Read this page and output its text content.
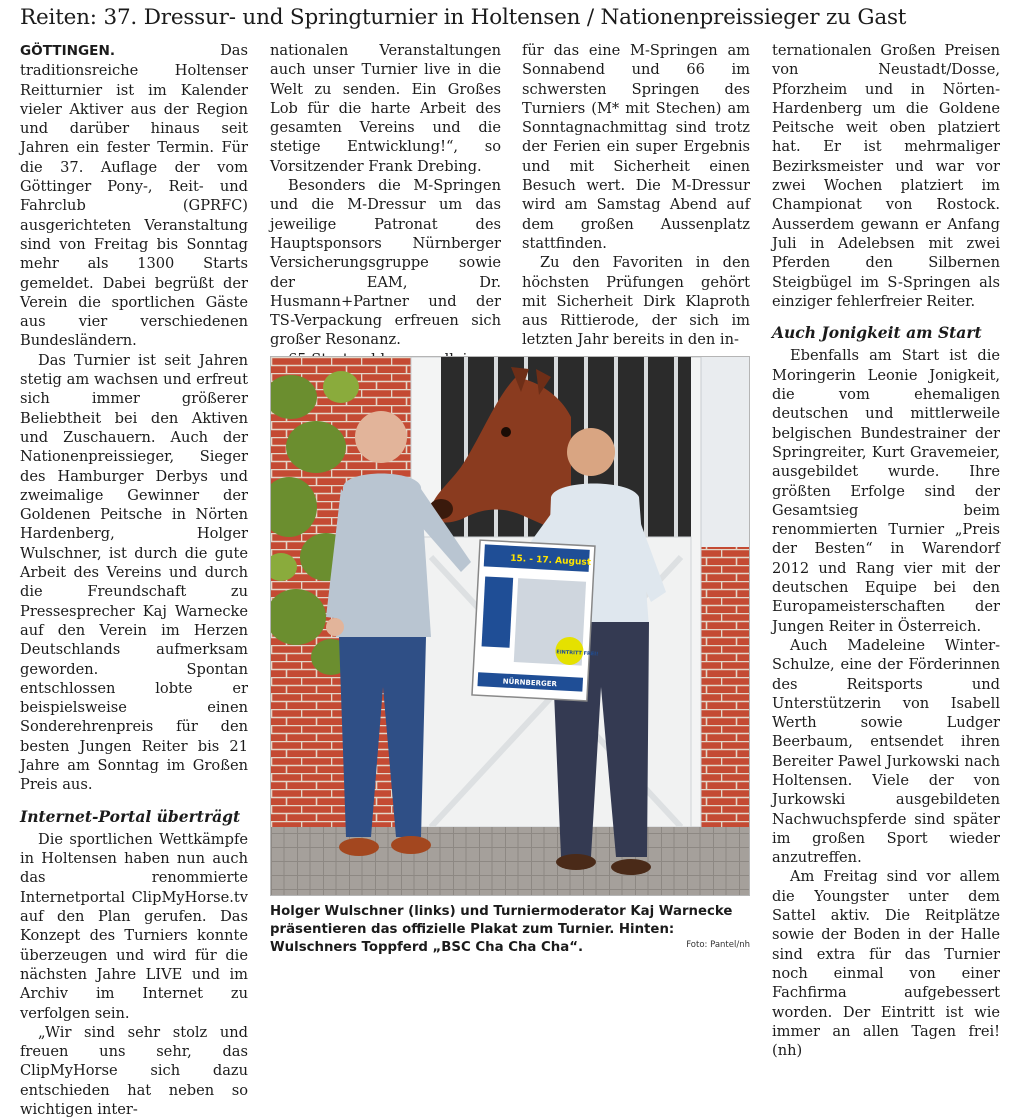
Reiten: 37. Dressur- und Springturnier in Holtensen / Nationenpreissieger zu Gast

GÖTTINGEN.	Das traditionsreiche Holtenser Reitturnier ist im Kalender vieler Aktiver aus der Region und darüber hinaus seit Jahren ein fester Termin. Für die 37. Auflage der vom Göttinger Pony-, Reit- und Fahrclub (GPRFC) ausgerichteten Veranstaltung sind von Freitag bis Sonntag mehr als 1300 Starts gemeldet. Dabei begrüßt der Verein die sportlichen Gäste aus vier verschiedenen Bundesländern.

Das Turnier ist seit Jahren stetig am wachsen und erfreut sich immer größerer Beliebtheit bei den Aktiven und Zuschauern. Auch der Nationenpreissieger, Sieger des Hamburger Derbys und zweimalige Gewinner der Goldenen Peitsche in Nörten Hardenberg, Holger Wulschner, ist durch die gute Arbeit des Vereins und durch die Freundschaft zu Pressesprecher Kaj Warnecke auf den Verein im Herzen Deutschlands aufmerksam geworden. Spontan entschlossen lobte er beispielsweise einen Sonderehrenpreis für den besten Jungen Reiter bis 21 Jahre am Sonntag im Großen Preis aus.

Internet-Portal überträgt

Die sportlichen Wettkämpfe in Holtensen haben nun auch das renommierte Internetportal ClipMyHorse.tv auf den Plan gerufen. Das Konzept des Turniers konnte überzeugen und wird für die nächsten Jahre LIVE und im Archiv im Internet zu verfolgen sein.

„Wir sind sehr stolz und freuen uns sehr, das ClipMyHorse sich dazu entschieden hat neben so wichtigen inter-

nationalen Veranstaltungen auch unser Turnier live in die Welt zu senden. Ein Großes Lob für die harte Arbeit des gesamten Vereins und die stetige Entwicklung!“, so Vorsitzender Frank Drebing.

Besonders die M-Springen und die M-Dressur um das jeweilige Patronat des Hauptsponsors Nürnberger Versicherungsgruppe sowie der EAM, Dr. Husmann+Partner und der TS-Verpackung erfreuen sich großer Resonanz.

für das eine M-Springen am Sonnabend und 66 im schwersten Springen des Turniers (M* mit Stechen) am Sonntagnachmittag sind trotz der Ferien ein super Ergebnis und mit Sicherheit einen Besuch wert. Die M-Dressur wird am Samstag Abend auf dem großen Aussenplatz stattfinden.

Zu den Favoriten in den höchsten Prüfungen gehört mit Sicherheit Dirk Klaproth aus Rittierode, der sich im letzten Jahr bereits in den in-

ternationalen Großen Preisen von Neustadt/Dosse, Pforzheim und in Nörten-Hardenberg um die Goldene Peitsche weit oben platziert hat. Er ist mehrmaliger Bezirksmeister und war vor zwei Wochen platziert im Championat von Rostock. Ausserdem gewann er Anfang Juli in Adelebsen mit zwei Pferden den Silbernen Steigbügel im S-Springen als einziger fehlerfreier Reiter.

Auch Jonigkeit am Start

Ebenfalls am Start ist die Moringerin Leonie Jonigkeit, die vom ehemaligen deutschen und mittlerweile belgischen Bundestrainer der Springreiter, Kurt Gravemeier, ausgebildet wurde. Ihre größten Erfolge sind der Gesamtsieg beim renommierten Turnier „Preis der Besten“ in Warendorf 2012 und Rang vier mit der deutschen Equipe bei den Europameisterschaften der Jungen Reiter in Österreich.

Auch Madeleine Winter-Schulze, eine der Förderinnen des Reitsports und Unterstützerin von Isabell Werth sowie Ludger Beerbaum, entsendet ihren Bereiter Pawel Jurkowski nach Holtensen. Viele der von Jurkowski ausgebildeten Nachwuchspferde sind später im großen Sport wieder anzutreffen.

Am Freitag sind vor allem die Youngster unter dem Sattel aktiv. Die Reitplätze sowie der Boden in der Halle sind extra für das Turnier noch einmal von einer Fachfirma aufgebessert worden. Der Eintritt ist wie immer an allen Tagen frei! (nh)

15. - 17. August
EINTRITT FREI!
NÜRNBERGER
Holger Wulschner (links) und Turniermoderator Kaj Warnecke präsentieren das offizielle Plakat zum Turnier. Hinten: Wulschners Toppferd „BSC Cha Cha Cha“.	Foto: Pantel/nh
